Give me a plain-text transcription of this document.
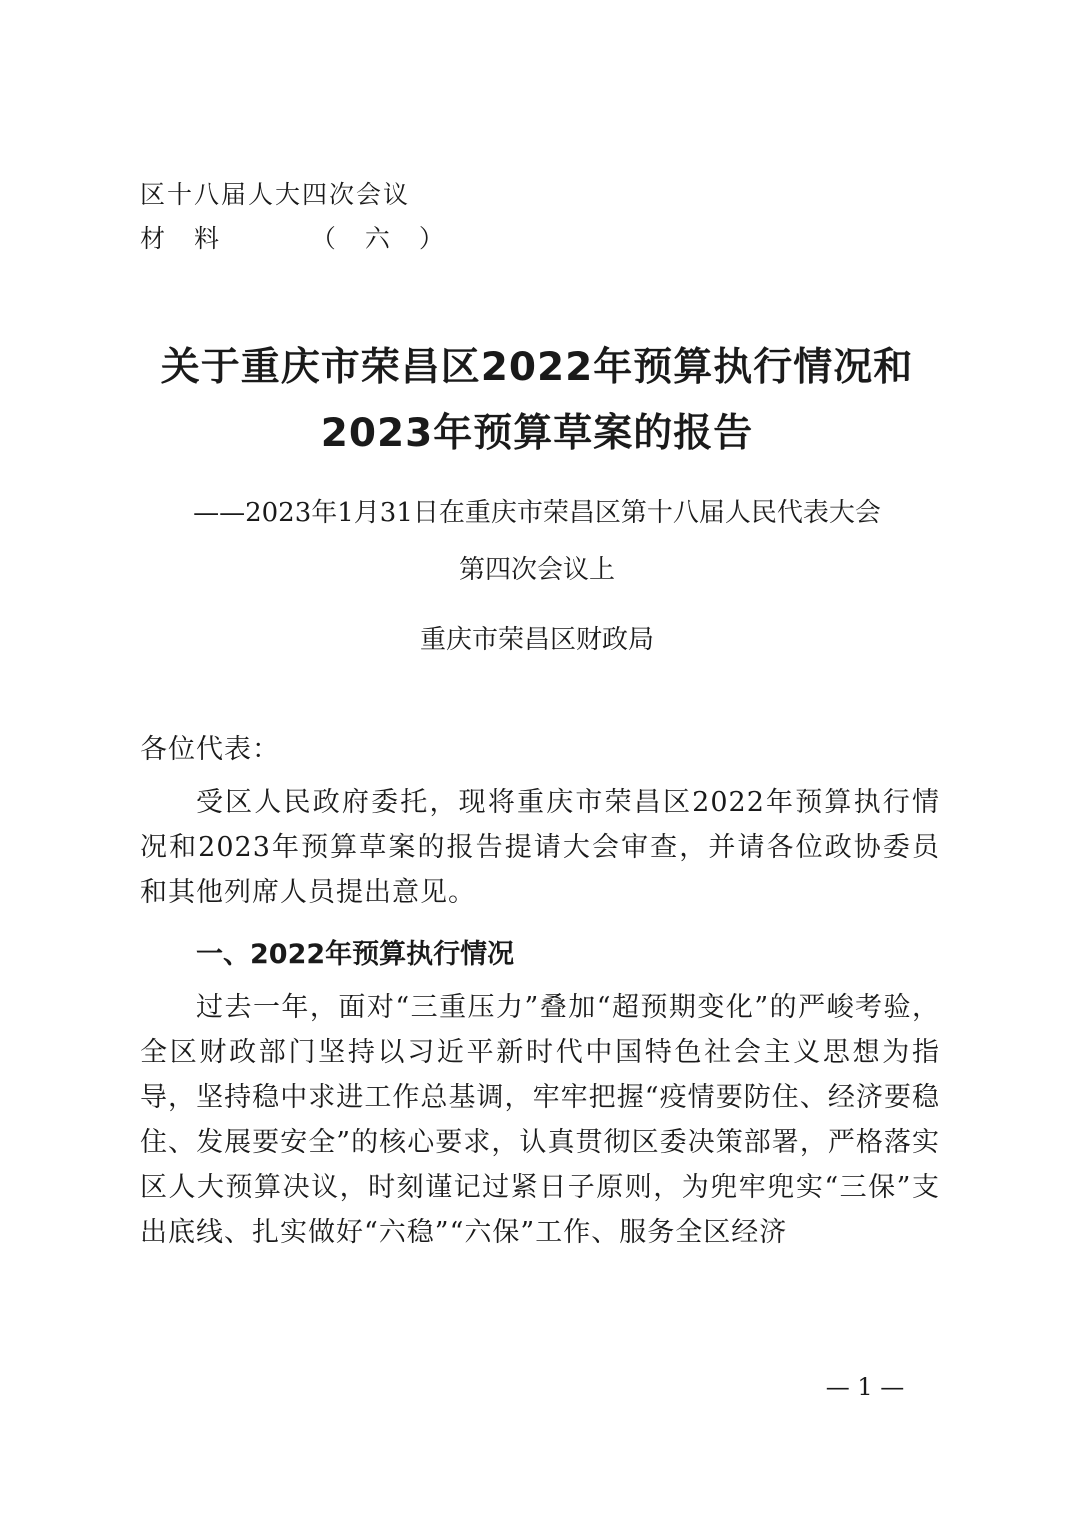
区十八届人大四次会议
材　料	（　六　）
关于重庆市荣昌区2022年预算执行情况和
2023年预算草案的报告
——2023年1月31日在重庆市荣昌区第十八届人民代表大会
第四次会议上
重庆市荣昌区财政局
各位代表：
受区人民政府委托，现将重庆市荣昌区2022年预算执行情况和2023年预算草案的报告提请大会审查，并请各位政协委员和其他列席人员提出意见。
一、2022年预算执行情况
过去一年，面对“三重压力”叠加“超预期变化”的严峻考验，全区财政部门坚持以习近平新时代中国特色社会主义思想为指导，坚持稳中求进工作总基调，牢牢把握“疫情要防住、经济要稳住、发展要安全”的核心要求，认真贯彻区委决策部署，严格落实区人大预算决议，时刻谨记过紧日子原则，为兜牢兜实“三保”支出底线、扎实做好“六稳”“六保”工作、服务全区经济
— 1 —
